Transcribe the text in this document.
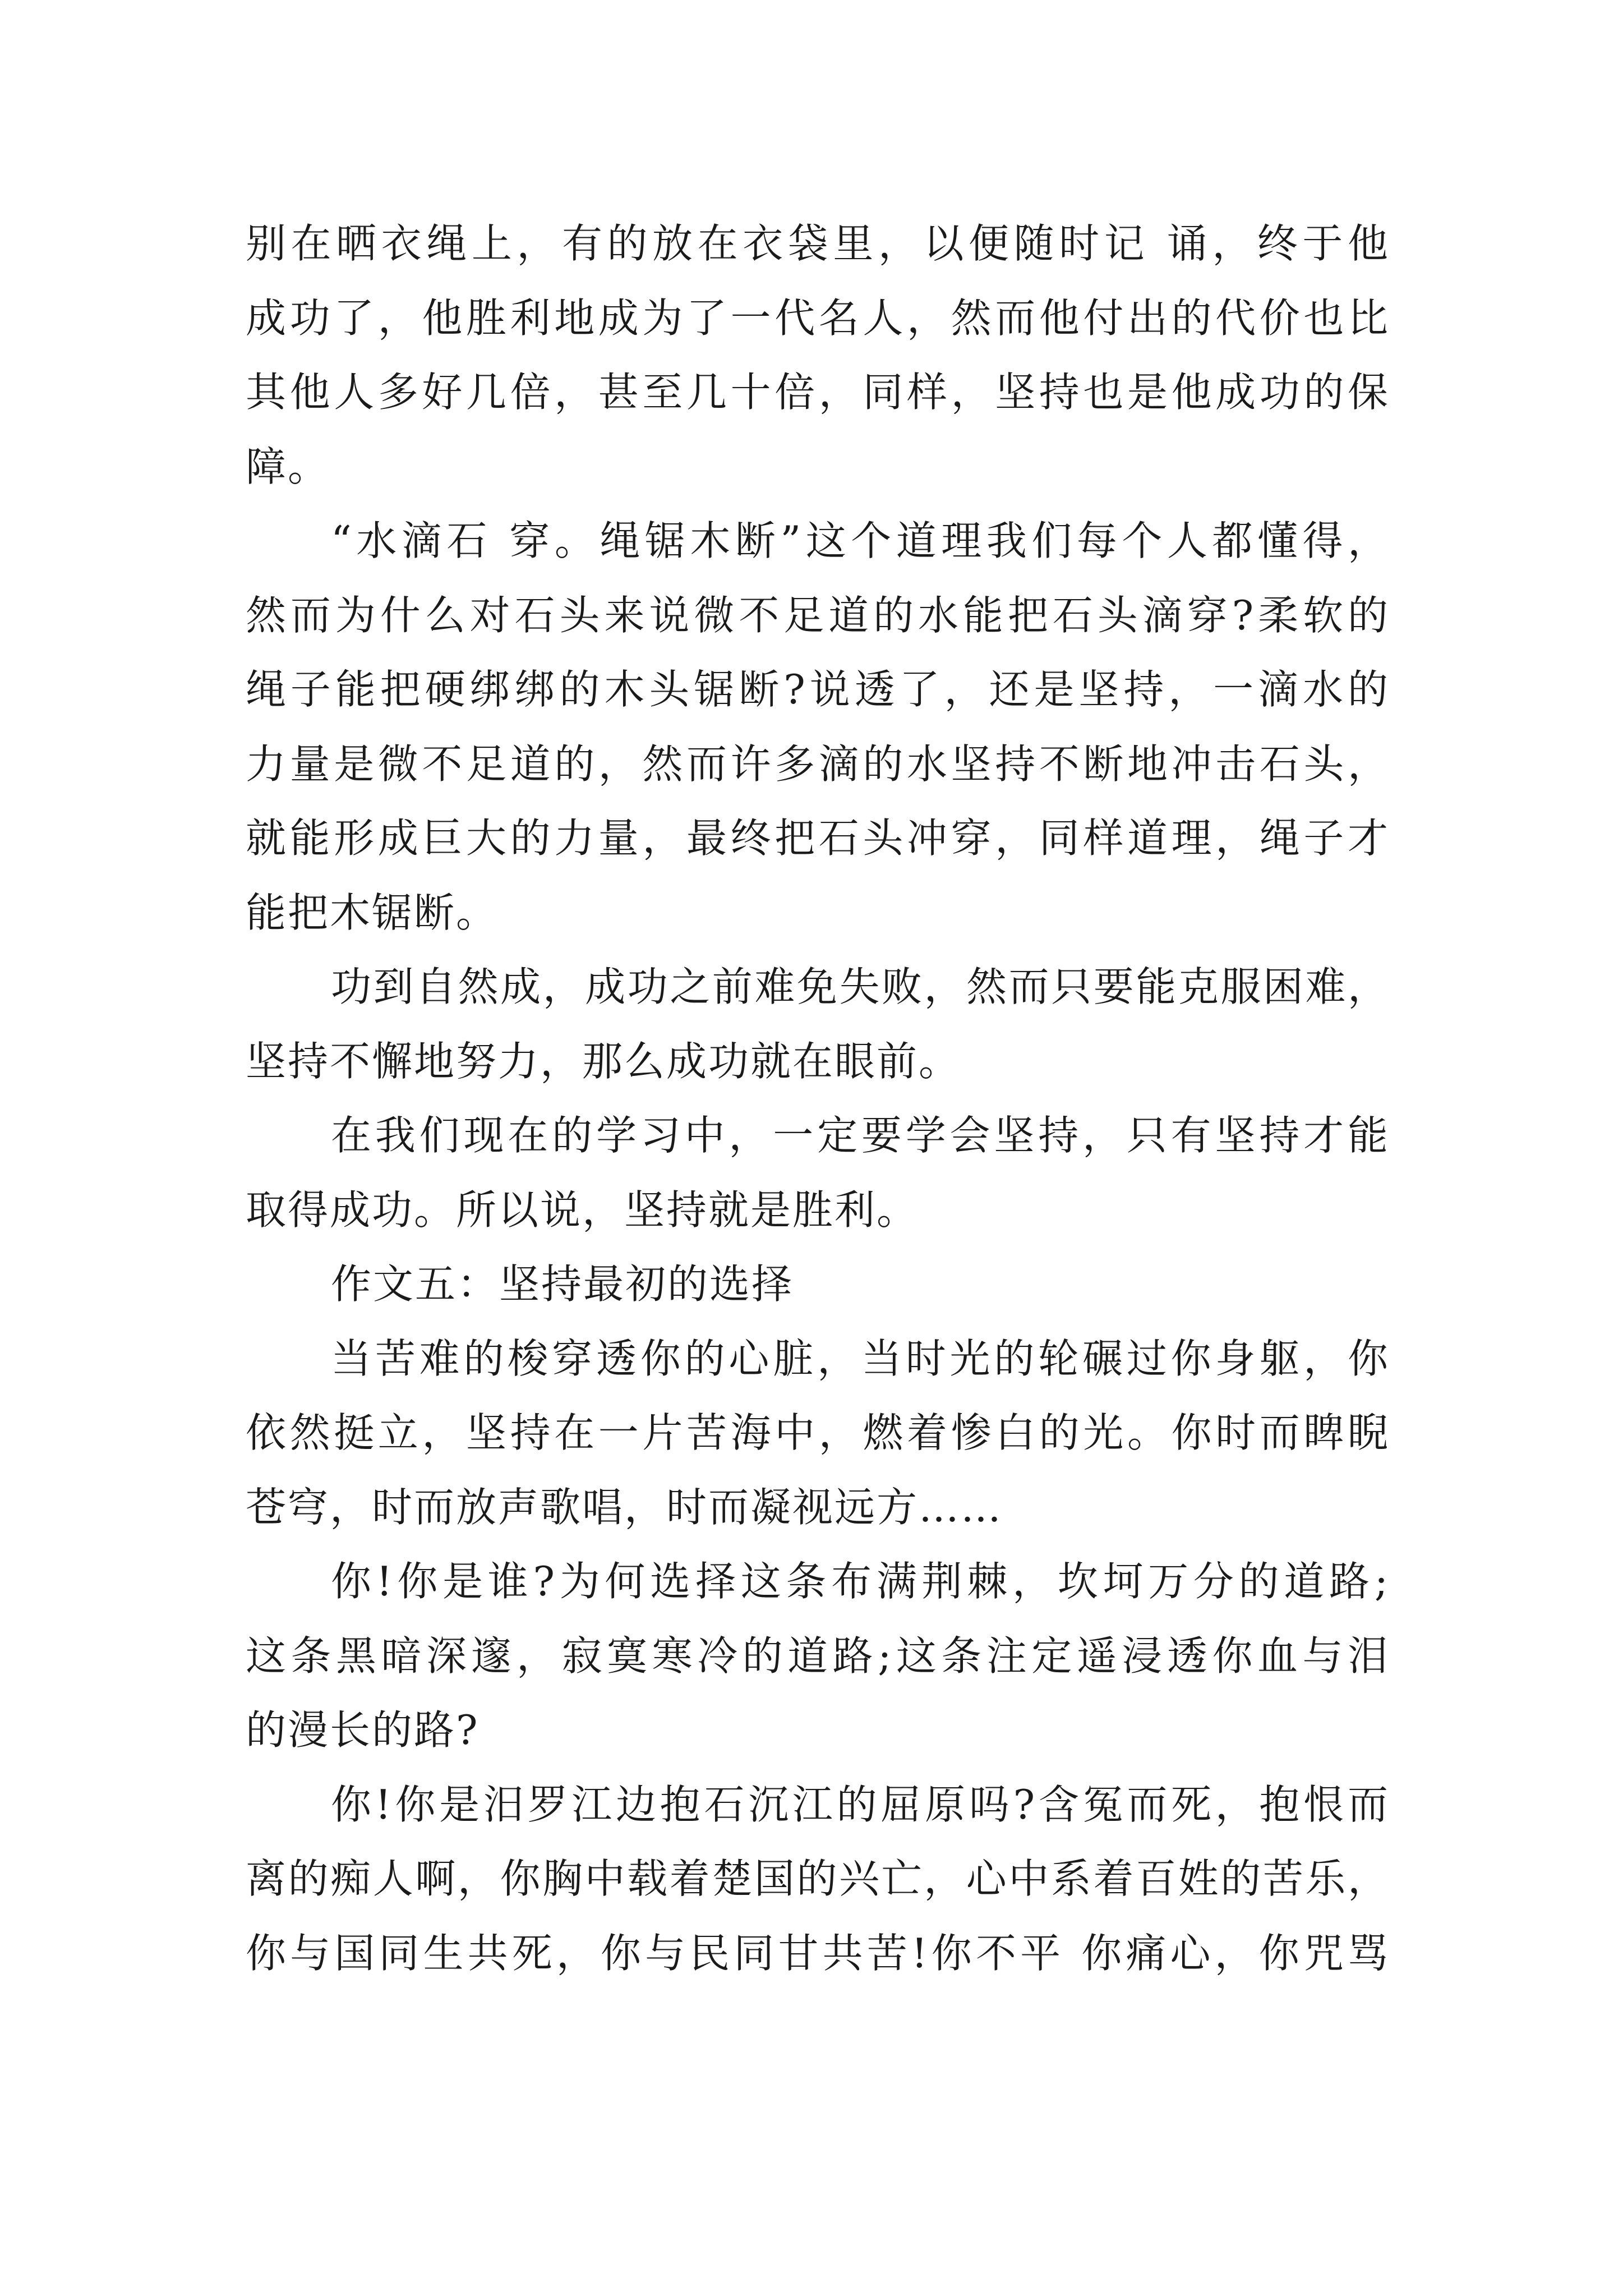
别在晒衣绳上，有的放在衣袋里，以便随时记 诵，终于他
成功了，他胜利地成为了一代名人，然而他付出的代价也比
其他人多好几倍，甚至几十倍，同样，坚持也是他成功的保
障。
“水滴石 穿。绳锯木断”这个道理我们每个人都懂得，
然而为什么对石头来说微不足道的水能把石头滴穿?柔软的
绳子能把硬绑绑的木头锯断?说透了，还是坚持，一滴水的
力量是微不足道的，然而许多滴的水坚持不断地冲击石头，
就能形成巨大的力量，最终把石头冲穿，同样道理，绳子才
能把木锯断。
功到自然成，成功之前难免失败，然而只要能克服困难，
坚持不懈地努力，那么成功就在眼前。
在我们现在的学习中，一定要学会坚持，只有坚持才能
取得成功。所以说，坚持就是胜利。
作文五：坚持最初的选择
当苦难的梭穿透你的心脏，当时光的轮碾过你身躯，你
依然挺立，坚持在一片苦海中，燃着惨白的光。你时而睥睨
苍穹，时而放声歌唱，时而凝视远方……
你!你是谁?为何选择这条布满荆棘，坎坷万分的道路;
这条黑暗深邃，寂寞寒冷的道路;这条注定遥浸透你血与泪
的漫长的路?
你!你是汨罗江边抱石沉江的屈原吗?含冤而死，抱恨而
离的痴人啊，你胸中载着楚国的兴亡，心中系着百姓的苦乐，
你与国同生共死，你与民同甘共苦!你不平 你痛心，你咒骂
